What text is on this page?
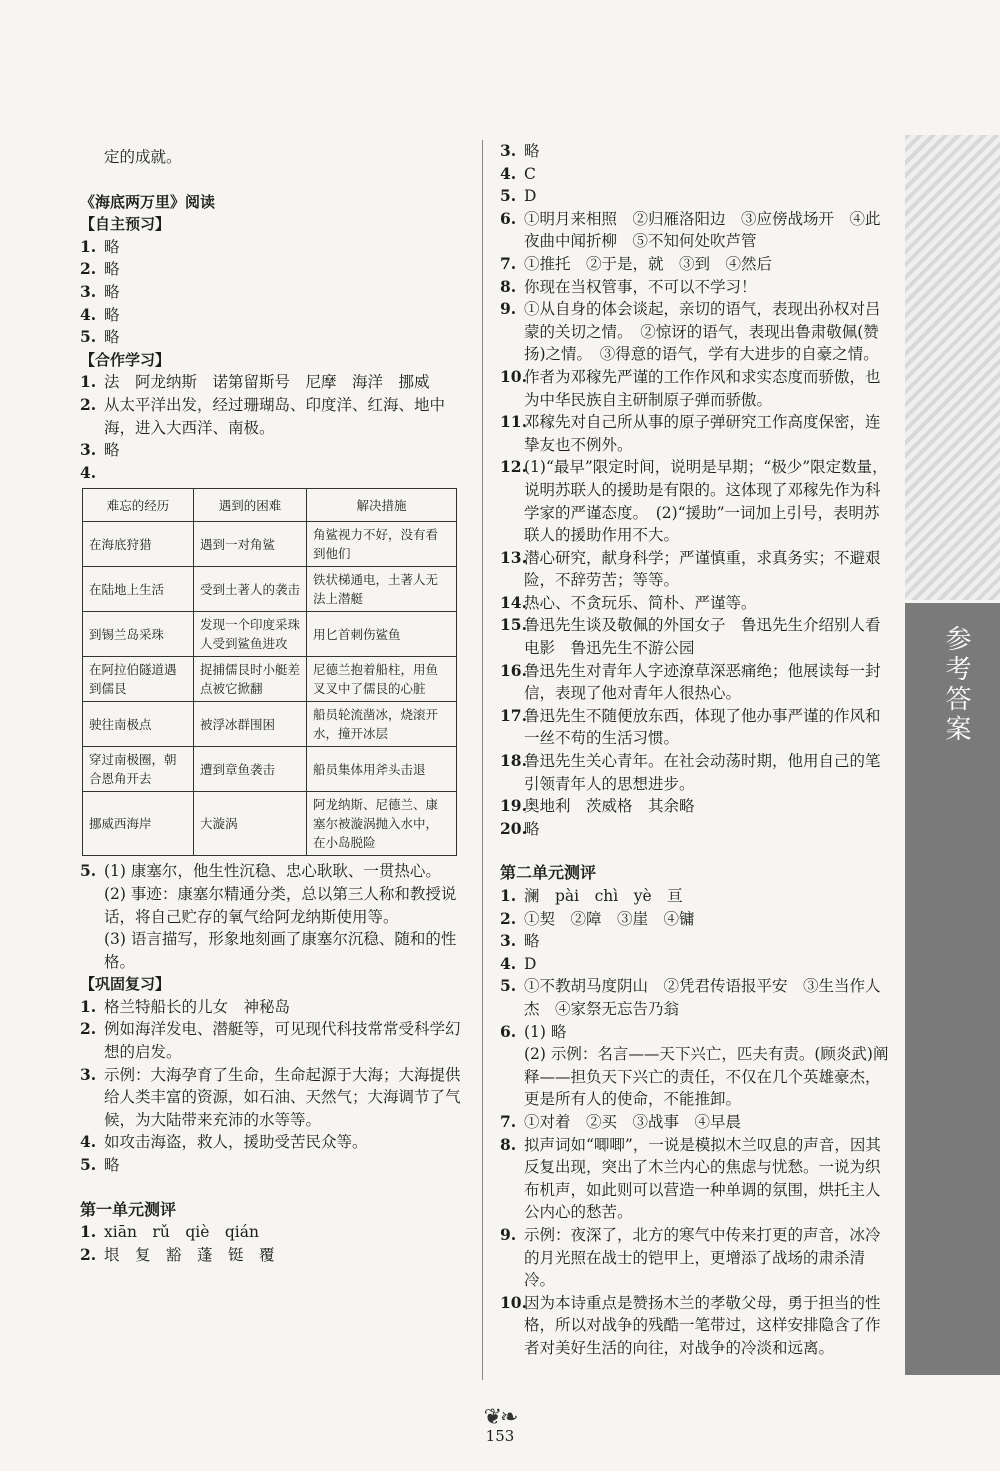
定的成就。
《海底两万里》阅读
【自主预习】
1. 略
2. 略
3. 略
4. 略
5. 略
【合作学习】
1. 法　阿龙纳斯　诺第留斯号　尼摩　海洋　挪威
2. 从太平洋出发，经过珊瑚岛、印度洋、红海、地中海，进入大西洋、南极。
3. 略
4.
难忘的经历	遇到的困难	解决措施
在海底狩猎	遇到一对角鲨	角鲨视力不好，没有看到他们
在陆地上生活	受到土著人的袭击	铁状梯通电，土著人无法上潜艇
到锡兰岛采珠	发现一个印度采珠人受到鲨鱼进攻	用匕首刺伤鲨鱼
在阿拉伯隧道遇到儒艮	捉捕儒艮时小艇差点被它掀翻	尼德兰抱着船柱，用鱼叉叉中了儒艮的心脏
驶往南极点	被浮冰群围困	船员轮流凿冰，烧滚开水，撞开冰层
穿过南极圈，朝合恩角开去	遭到章鱼袭击	船员集体用斧头击退
挪威西海岸	大漩涡	阿龙纳斯、尼德兰、康塞尔被漩涡抛入水中，在小岛脱险
5. (1) 康塞尔，他生性沉稳、忠心耿耿、一贯热心。
(2) 事迹：康塞尔精通分类，总以第三人称和教授说话，将自己贮存的氧气给阿龙纳斯使用等。
(3) 语言描写，形象地刻画了康塞尔沉稳、随和的性格。
【巩固复习】
1. 格兰特船长的儿女　神秘岛
2. 例如海洋发电、潜艇等，可见现代科技常常受科学幻想的启发。
3. 示例：大海孕育了生命，生命起源于大海；大海提供给人类丰富的资源，如石油、天然气；大海调节了气候，为大陆带来充沛的水等等。
4. 如攻击海盗，救人，援助受苦民众等。
5. 略
第一单元测评
1. xiān　rǔ　qiè　qián
2. 垠　复　豁　蓬　铤　覆
3. 略
4. C
5. D
6. ①明月来相照　②归雁洛阳边　③应傍战场开　④此夜曲中闻折柳　⑤不知何处吹芦管
7. ①推托　②于是，就　③到　④然后
8. 你现在当权管事，不可以不学习！
9. ①从自身的体会谈起，亲切的语气，表现出孙权对吕蒙的关切之情。　②惊讶的语气，表现出鲁肃敬佩(赞扬)之情。　③得意的语气，学有大进步的自豪之情。
10.
作者为邓稼先严谨的工作作风和求实态度而骄傲，也为中华民族自主研制原子弹而骄傲。
11.
邓稼先对自己所从事的原子弹研究工作高度保密，连挚友也不例外。
12.
(1)“最早”限定时间，说明是早期；“极少”限定数量，说明苏联人的援助是有限的。这体现了邓稼先作为科学家的严谨态度。　(2)“援助”一词加上引号，表明苏联人的援助作用不大。
13.
潜心研究，献身科学；严谨慎重，求真务实；不避艰险，不辞劳苦；等等。
14.
热心、不贪玩乐、简朴、严谨等。
15.
鲁迅先生谈及敬佩的外国女子　鲁迅先生介绍别人看电影　鲁迅先生不游公园
16.
鲁迅先生对青年人字迹潦草深恶痛绝；他展读每一封信，表现了他对青年人很热心。
17.
鲁迅先生不随便放东西，体现了他办事严谨的作风和一丝不苟的生活习惯。
18.
鲁迅先生关心青年。在社会动荡时期，他用自己的笔引领青年人的思想进步。
19.
奥地利　茨威格　其余略
20.
略
第二单元测评
1. 澜　pài　chì　yè　亘
2. ①契　②障　③崖　④镛
3. 略
4. D
5. ①不教胡马度阴山　②凭君传语报平安　③生当作人杰　④家祭无忘告乃翁
6. (1) 略
(2) 示例：名言——天下兴亡，匹夫有责。(顾炎武)阐释——担负天下兴亡的责任，不仅在几个英雄豪杰，更是所有人的使命，不能推卸。
7. ①对着　②买　③战事　④早晨
8. 拟声词如“唧唧”，一说是模拟木兰叹息的声音，因其反复出现，突出了木兰内心的焦虑与忧愁。一说为织布机声，如此则可以营造一种单调的氛围，烘托主人公内心的愁苦。
9. 示例：夜深了，北方的寒气中传来打更的声音，冰冷的月光照在战士的铠甲上，更增添了战场的肃杀清冷。
10.
因为本诗重点是赞扬木兰的孝敬父母，勇于担当的性格，所以对战争的残酷一笔带过，这样安排隐含了作者对美好生活的向往，对战争的冷淡和远离。
参考答案
❦❧
153
